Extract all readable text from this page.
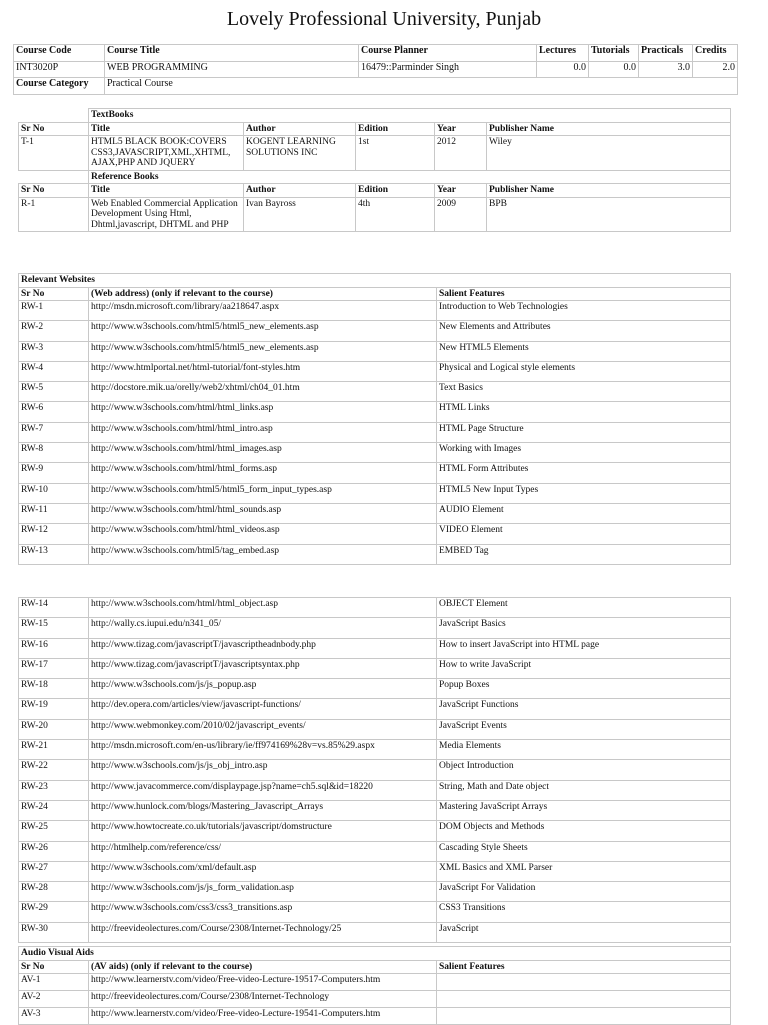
Lovely Professional University, Punjab
Course Code	Course Title	Course Planner	Lectures	Tutorials	Practicals	Credits
INT3020P	WEB PROGRAMMING	16479::Parminder Singh	0.0	0.0	3.0	2.0
Course Category	Practical Course					
	TextBooks				
Sr No	Title	Author	Edition	Year	Publisher Name
T-1	HTML5 BLACK BOOK:COVERS CSS3,JAVASCRIPT,XML,XHTML, AJAX,PHP AND JQUERY	KOGENT LEARNING SOLUTIONS INC	1st	2012	Wiley
	Reference Books				
Sr No	Title	Author	Edition	Year	Publisher Name
R-1	Web Enabled Commercial Application Development Using Html, Dhtml,javascript, DHTML and PHP	Ivan Bayross	4th	2009	BPB
Relevant Websites		
Sr No	(Web address) (only if relevant to the course)	Salient Features
RW-1	http://msdn.microsoft.com/library/aa218647.aspx	Introduction to Web Technologies
RW-2	http://www.w3schools.com/html5/html5_new_elements.asp	New Elements and Attributes
RW-3	http://www.w3schools.com/html5/html5_new_elements.asp	New HTML5 Elements
RW-4	http://www.htmlportal.net/html-tutorial/font-styles.htm	Physical and Logical style elements
RW-5	http://docstore.mik.ua/orelly/web2/xhtml/ch04_01.htm	Text Basics
RW-6	http://www.w3schools.com/html/html_links.asp	HTML Links
RW-7	http://www.w3schools.com/html/html_intro.asp	HTML Page Structure
RW-8	http://www.w3schools.com/html/html_images.asp	Working with Images
RW-9	http://www.w3schools.com/html/html_forms.asp	HTML Form Attributes
RW-10	http://www.w3schools.com/html5/html5_form_input_types.asp	HTML5 New Input Types
RW-11	http://www.w3schools.com/html/html_sounds.asp	AUDIO Element
RW-12	http://www.w3schools.com/html/html_videos.asp	VIDEO Element
RW-13	http://www.w3schools.com/html5/tag_embed.asp	EMBED Tag
RW-14	http://www.w3schools.com/html/html_object.asp	OBJECT Element
RW-15	http://wally.cs.iupui.edu/n341_05/	JavaScript Basics
RW-16	http://www.tizag.com/javascriptT/javascriptheadnbody.php	How to insert JavaScript into HTML page
RW-17	http://www.tizag.com/javascriptT/javascriptsyntax.php	How to write JavaScript
RW-18	http://www.w3schools.com/js/js_popup.asp	Popup Boxes
RW-19	http://dev.opera.com/articles/view/javascript-functions/	JavaScript Functions
RW-20	http://www.webmonkey.com/2010/02/javascript_events/	JavaScript Events
RW-21	http://msdn.microsoft.com/en-us/library/ie/ff974169%28v=vs.85%29.aspx	Media Elements
RW-22	http://www.w3schools.com/js/js_obj_intro.asp	Object Introduction
RW-23	http://www.javacommerce.com/displaypage.jsp?name=ch5.sql&id=18220	String, Math and Date object
RW-24	http://www.hunlock.com/blogs/Mastering_Javascript_Arrays	Mastering JavaScript Arrays
RW-25	http://www.howtocreate.co.uk/tutorials/javascript/domstructure	DOM Objects and Methods
RW-26	http://htmlhelp.com/reference/css/	Cascading Style Sheets
RW-27	http://www.w3schools.com/xml/default.asp	XML Basics and XML Parser
RW-28	http://www.w3schools.com/js/js_form_validation.asp	JavaScript For Validation
RW-29	http://www.w3schools.com/css3/css3_transitions.asp	CSS3 Transitions
RW-30	http://freevideolectures.com/Course/2308/Internet-Technology/25	JavaScript
Audio Visual Aids		
Sr No	(AV aids) (only if relevant to the course)	Salient Features
AV-1	http://www.learnerstv.com/video/Free-video-Lecture-19517-Computers.htm	
AV-2	http://freevideolectures.com/Course/2308/Internet-Technology	
AV-3	http://www.learnerstv.com/video/Free-video-Lecture-19541-Computers.htm	
